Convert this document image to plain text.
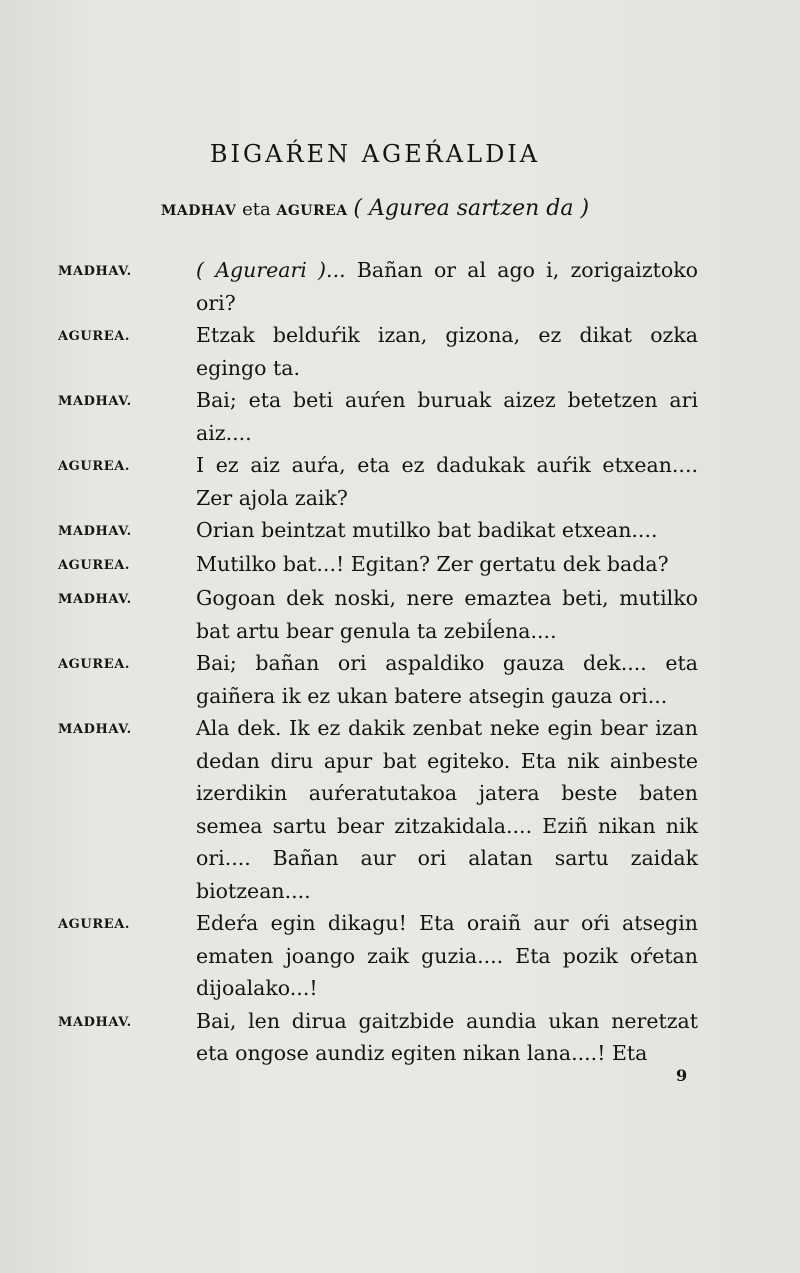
BIGAŔEN AGEŔALDIA
MADHAV eta AGUREA ( Agurea sartzen da )
MADHAV.	( Agureari )... Bañan or al ago i, zorigaiztoko ori?
AGUREA.	Etzak belduŕik izan, gizona, ez dikat ozka egingo ta.
MADHAV.	Bai; eta beti auŕen buruak aizez betetzen ari aiz....
AGUREA.	I ez aiz auŕa, eta ez dadukak auŕik etxean.... Zer ajola zaik?
MADHAV.	Orian beintzat mutilko bat badikat etxean....
AGUREA.	Mutilko bat...! Egitan? Zer gertatu dek bada?
MADHAV.	Gogoan dek noski, nere emaztea beti, mutilko bat artu bear genula ta zebiĺena....
AGUREA.	Bai; bañan ori aspaldiko gauza dek.... eta gaiñera ik ez ukan batere atsegin gauza ori...
MADHAV.	Ala dek. Ik ez dakik zenbat neke egin bear izan dedan diru apur bat egiteko. Eta nik ainbeste izerdikin auŕeratutakoa jatera beste baten semea sartu bear zitzakidala.... Eziñ nikan nik ori.... Bañan aur ori alatan sartu zaidak biotzean....
AGUREA.	Edeŕa egin dikagu! Eta oraiñ aur oŕi atsegin ematen joango zaik guzia.... Eta pozik oŕetan dijoalako...!
MADHAV.	Bai, len dirua gaitzbide aundia ukan neretzat eta ongose aundiz egiten nikan lana....! Eta
9
